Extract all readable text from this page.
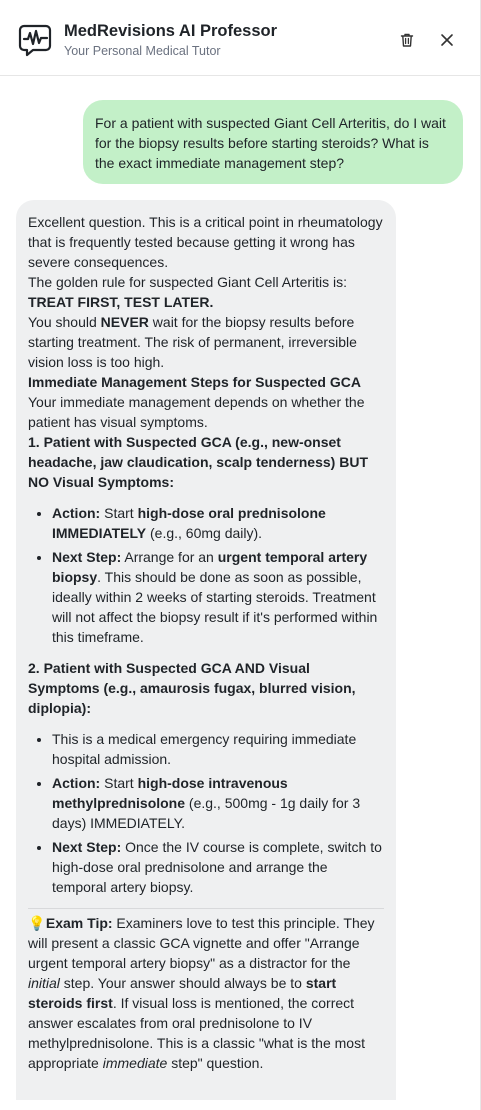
MedRevisions AI Professor
Your Personal Medical Tutor
For a patient with suspected Giant Cell Arteritis, do I wait for the biopsy results before starting steroids? What is the exact immediate management step?

Excellent question. This is a critical point in rheumatology that is frequently tested because getting it wrong has severe consequences.

The golden rule for suspected Giant Cell Arteritis is:

TREAT FIRST, TEST LATER.

You should NEVER wait for the biopsy results before starting treatment. The risk of permanent, irreversible vision loss is too high.

Immediate Management Steps for Suspected GCA

Your immediate management depends on whether the patient has visual symptoms.

1. Patient with Suspected GCA (e.g., new-onset headache, jaw claudication, scalp tenderness) BUT NO Visual Symptoms:

• Action: Start high-dose oral prednisolone IMMEDIATELY (e.g., 60mg daily).
• Next Step: Arrange for an urgent temporal artery biopsy. This should be done as soon as possible, ideally within 2 weeks of starting steroids. Treatment will not affect the biopsy result if it's performed within this timeframe.

2. Patient with Suspected GCA AND Visual Symptoms (e.g., amaurosis fugax, blurred vision, diplopia):

• This is a medical emergency requiring immediate hospital admission.
• Action: Start high-dose intravenous methylprednisolone (e.g., 500mg - 1g daily for 3 days) IMMEDIATELY.
• Next Step: Once the IV course is complete, switch to high-dose oral prednisolone and arrange the temporal artery biopsy.

💡 Exam Tip: Examiners love to test this principle. They will present a classic GCA vignette and offer "Arrange urgent temporal artery biopsy" as a distractor for the initial step. Your answer should always be to start steroids first. If visual loss is mentioned, the correct answer escalates from oral prednisolone to IV methylprednisolone. This is a classic "what is the most appropriate immediate step" question.
